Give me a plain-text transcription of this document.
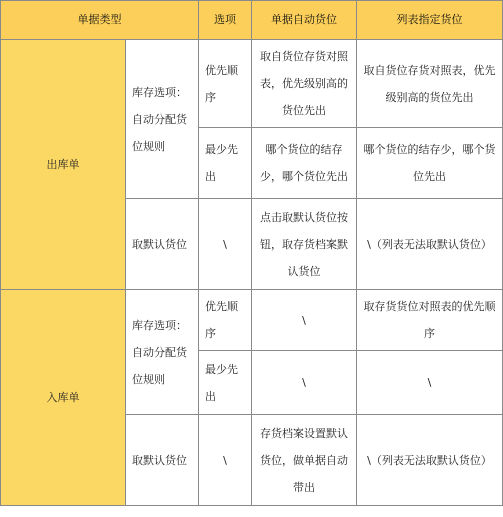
单据类型		选项	单据自动货位	列表指定货位
出库单	库存选项：自动分配货位规则	优先顺序	取自货位存货对照表，优先级别高的货位先出	取自货位存货对照表，优先级别高的货位先出
		最少先出	哪个货位的结存少，哪个货位先出	哪个货位的结存少，哪个货位先出
	取默认货位	\	点击取默认货位按钮，取存货档案默认货位	\（列表无法取默认货位）
入库单	库存选项：自动分配货位规则	优先顺序	\	取存货货位对照表的优先顺序
		最少先出	\	\
	取默认货位	\	存货档案设置默认货位，做单据自动带出	\（列表无法取默认货位）
